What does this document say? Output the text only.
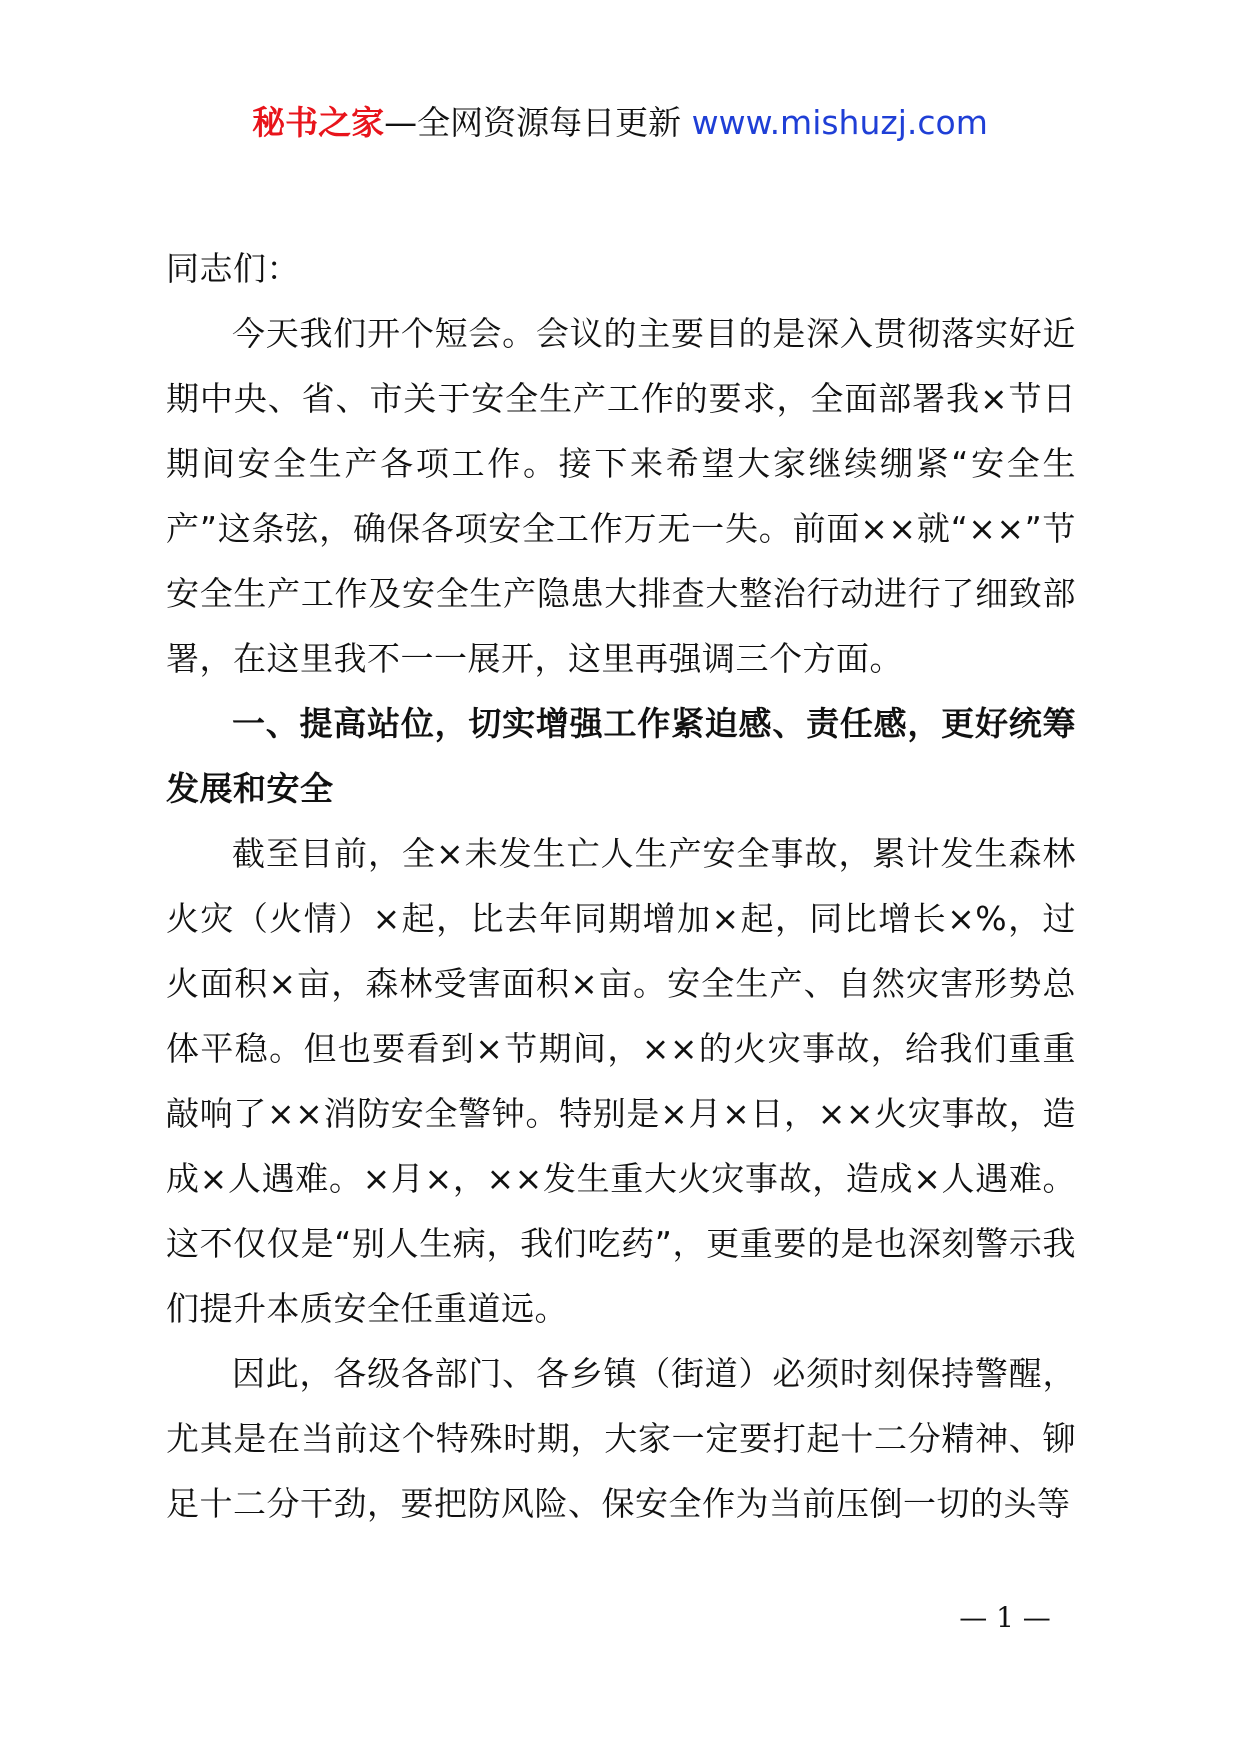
秘书之家—全网资源每日更新 www.mishuzj.com

同志们：

今天我们开个短会。会议的主要目的是深入贯彻落实好近期中央、省、市关于安全生产工作的要求，全面部署我×节日期间安全生产各项工作。接下来希望大家继续绷紧“安全生产”这条弦，确保各项安全工作万无一失。前面××就“××”节安全生产工作及安全生产隐患大排查大整治行动进行了细致部署，在这里我不一一展开，这里再强调三个方面。

一、提高站位，切实增强工作紧迫感、责任感，更好统筹发展和安全

截至目前，全×未发生亡人生产安全事故，累计发生森林火灾（火情）×起，比去年同期增加×起，同比增长×%，过火面积×亩，森林受害面积×亩。安全生产、自然灾害形势总体平稳。但也要看到×节期间，××的火灾事故，给我们重重敲响了××消防安全警钟。特别是×月×日，××火灾事故，造成×人遇难。×月×，××发生重大火灾事故，造成×人遇难。这不仅仅是“别人生病，我们吃药”，更重要的是也深刻警示我们提升本质安全任重道远。

因此，各级各部门、各乡镇（街道）必须时刻保持警醒，尤其是在当前这个特殊时期，大家一定要打起十二分精神、铆足十二分干劲，要把防风险、保安全作为当前压倒一切的头等

— 1 —
